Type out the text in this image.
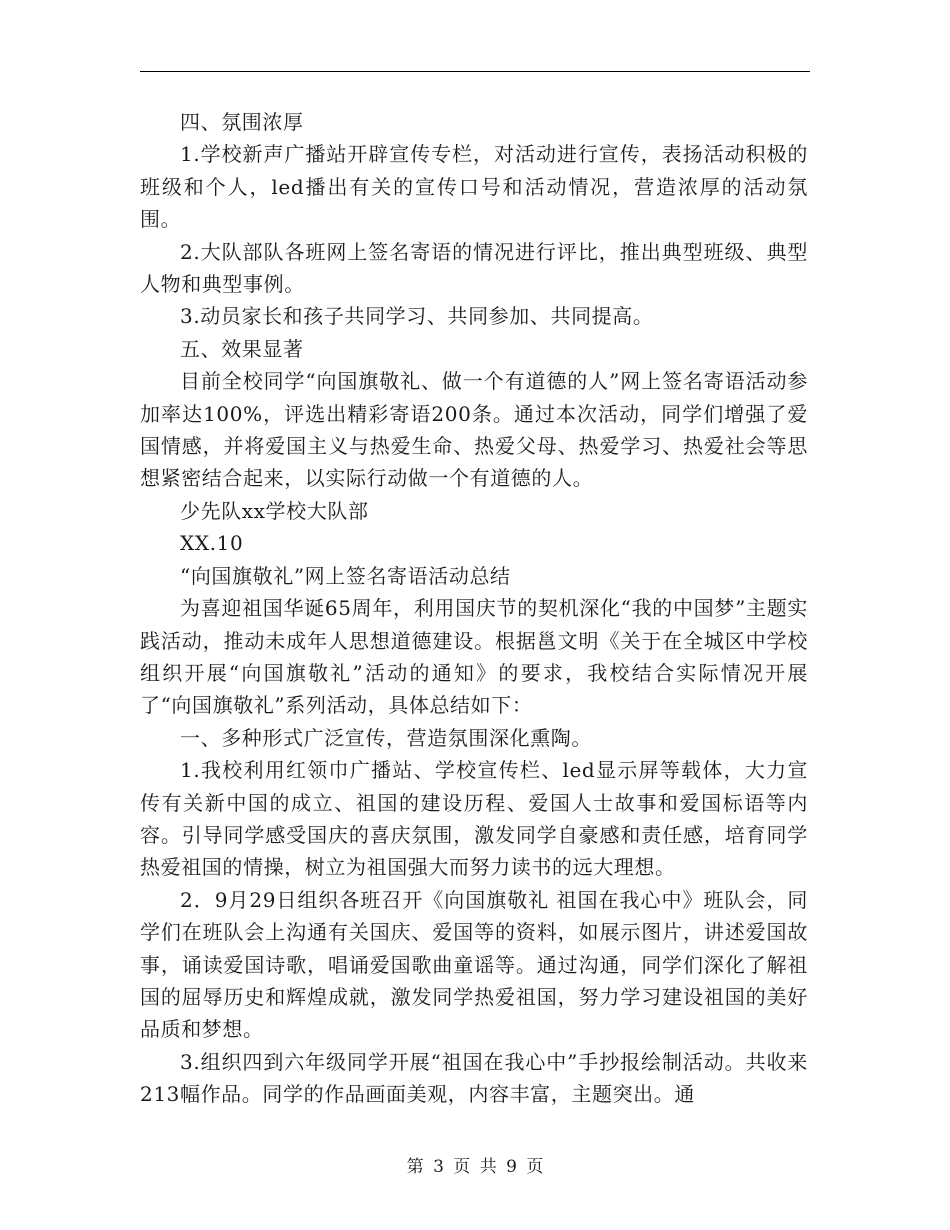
四、氛围浓厚

1.学校新声广播站开辟宣传专栏，对活动进行宣传，表扬活动积极的班级和个人，led播出有关的宣传口号和活动情况，营造浓厚的活动氛围。

2.大队部队各班网上签名寄语的情况进行评比，推出典型班级、典型人物和典型事例。

3.动员家长和孩子共同学习、共同参加、共同提高。

五、效果显著

目前全校同学“向国旗敬礼、做一个有道德的人”网上签名寄语活动参加率达100%，评选出精彩寄语200条。通过本次活动，同学们增强了爱国情感，并将爱国主义与热爱生命、热爱父母、热爱学习、热爱社会等思想紧密结合起来，以实际行动做一个有道德的人。

少先队xx学校大队部

XX.10

“向国旗敬礼”网上签名寄语活动总结

为喜迎祖国华诞65周年，利用国庆节的契机深化“我的中国梦”主题实践活动，推动未成年人思想道德建设。根据邕文明《关于在全城区中学校组织开展“向国旗敬礼”活动的通知》的要求，我校结合实际情况开展了“向国旗敬礼”系列活动，具体总结如下：

一、多种形式广泛宣传，营造氛围深化熏陶。

1.我校利用红领巾广播站、学校宣传栏、led显示屏等载体，大力宣传有关新中国的成立、祖国的建设历程、爱国人士故事和爱国标语等内容。引导同学感受国庆的喜庆氛围，激发同学自豪感和责任感，培育同学热爱祖国的情操，树立为祖国强大而努力读书的远大理想。

2．9月29日组织各班召开《向国旗敬礼 祖国在我心中》班队会，同学们在班队会上沟通有关国庆、爱国等的资料，如展示图片，讲述爱国故事，诵读爱国诗歌，唱诵爱国歌曲童谣等。通过沟通，同学们深化了解祖国的屈辱历史和辉煌成就，激发同学热爱祖国，努力学习建设祖国的美好品质和梦想。

3.组织四到六年级同学开展“祖国在我心中”手抄报绘制活动。共收来213幅作品。同学的作品画面美观，内容丰富，主题突出。通

第 3 页 共 9 页
